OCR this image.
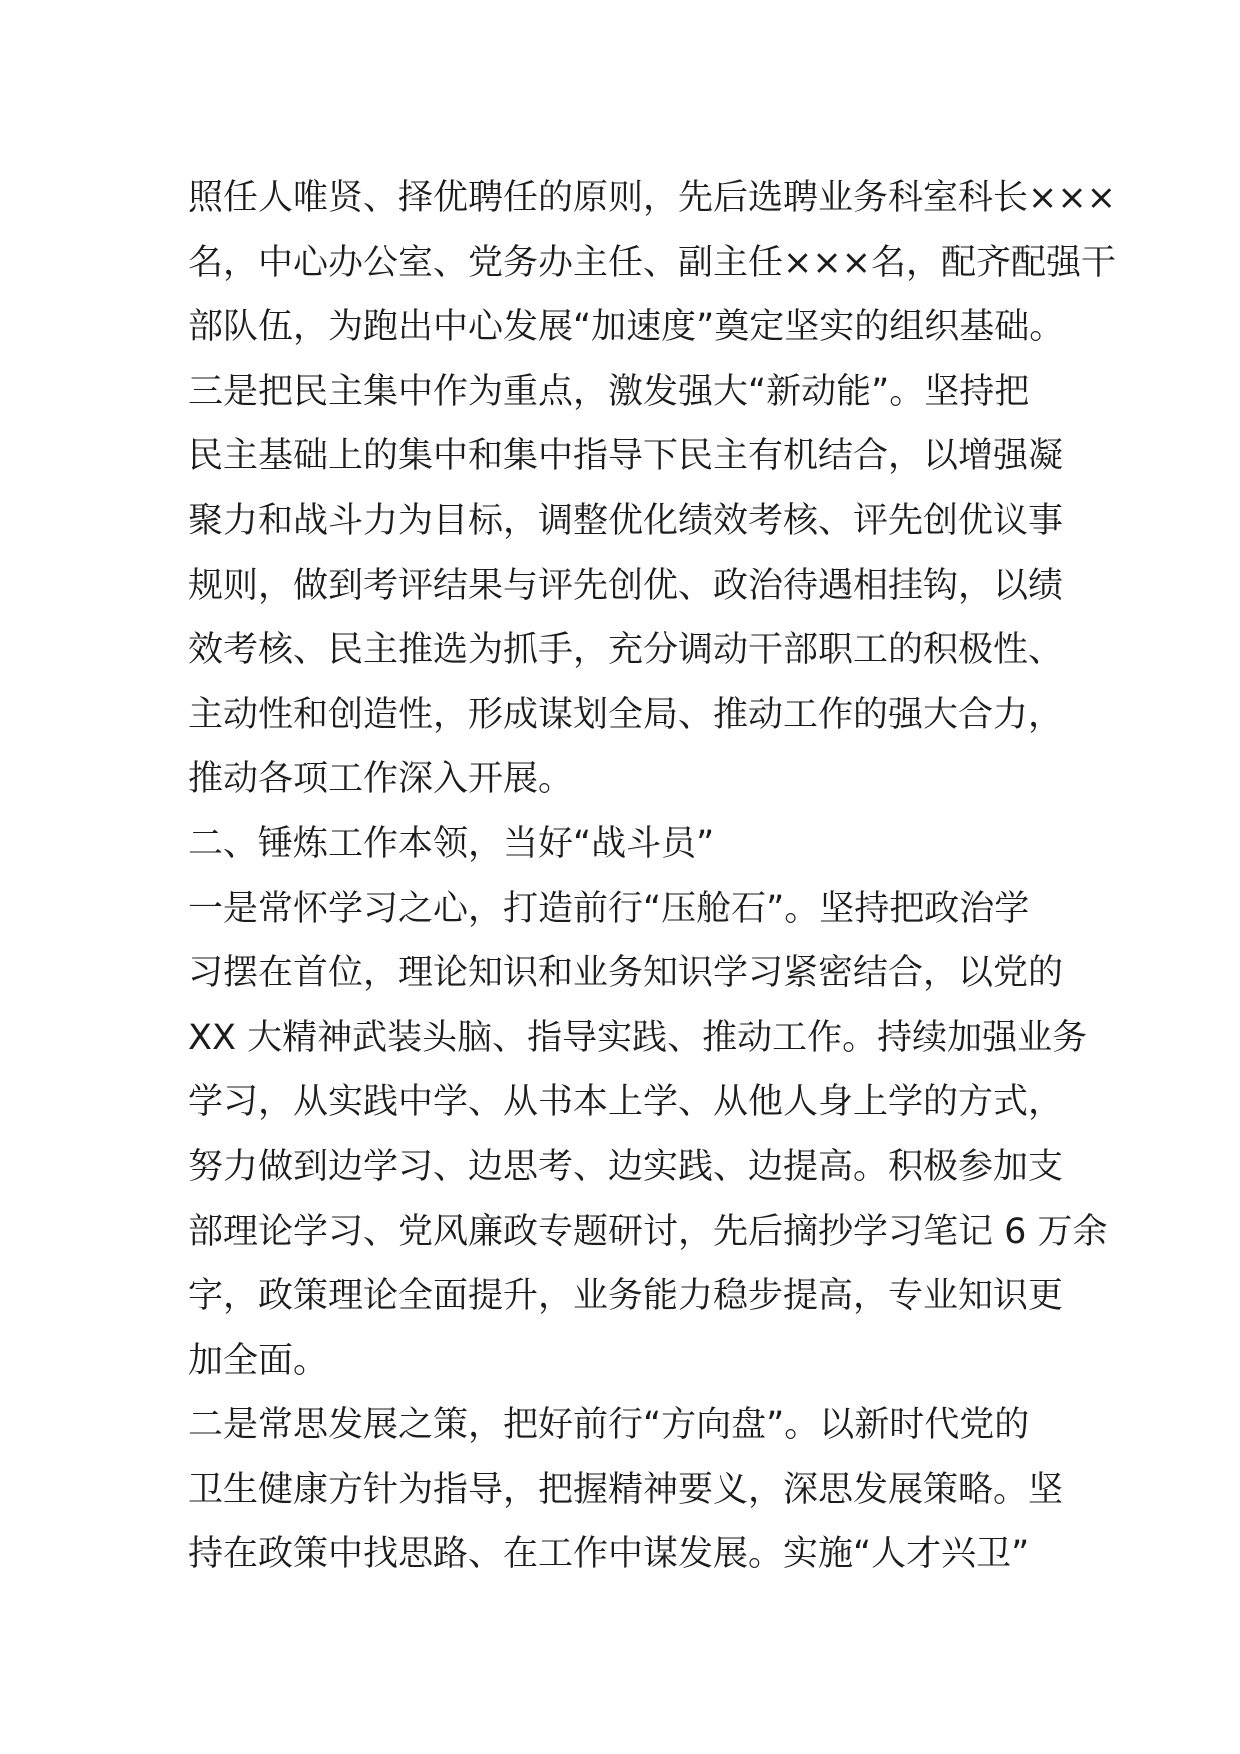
照任人唯贤、择优聘任的原则，先后选聘业务科室科长×××
名，中心办公室、党务办主任、副主任×××名，配齐配强干
部队伍，为跑出中心发展“加速度”奠定坚实的组织基础。
三是把民主集中作为重点，激发强大“新动能”。坚持把
民主基础上的集中和集中指导下民主有机结合，以增强凝
聚力和战斗力为目标，调整优化绩效考核、评先创优议事
规则，做到考评结果与评先创优、政治待遇相挂钩，以绩
效考核、民主推选为抓手，充分调动干部职工的积极性、
主动性和创造性，形成谋划全局、推动工作的强大合力，
推动各项工作深入开展。
二、锤炼工作本领，当好“战斗员”
一是常怀学习之心，打造前行“压舱石”。坚持把政治学
习摆在首位，理论知识和业务知识学习紧密结合，以党的
XX 大精神武装头脑、指导实践、推动工作。持续加强业务
学习，从实践中学、从书本上学、从他人身上学的方式，
努力做到边学习、边思考、边实践、边提高。积极参加支
部理论学习、党风廉政专题研讨，先后摘抄学习笔记 6 万余
字，政策理论全面提升，业务能力稳步提高，专业知识更
加全面。
二是常思发展之策，把好前行“方向盘”。以新时代党的
卫生健康方针为指导，把握精神要义，深思发展策略。坚
持在政策中找思路、在工作中谋发展。实施“人才兴卫”
